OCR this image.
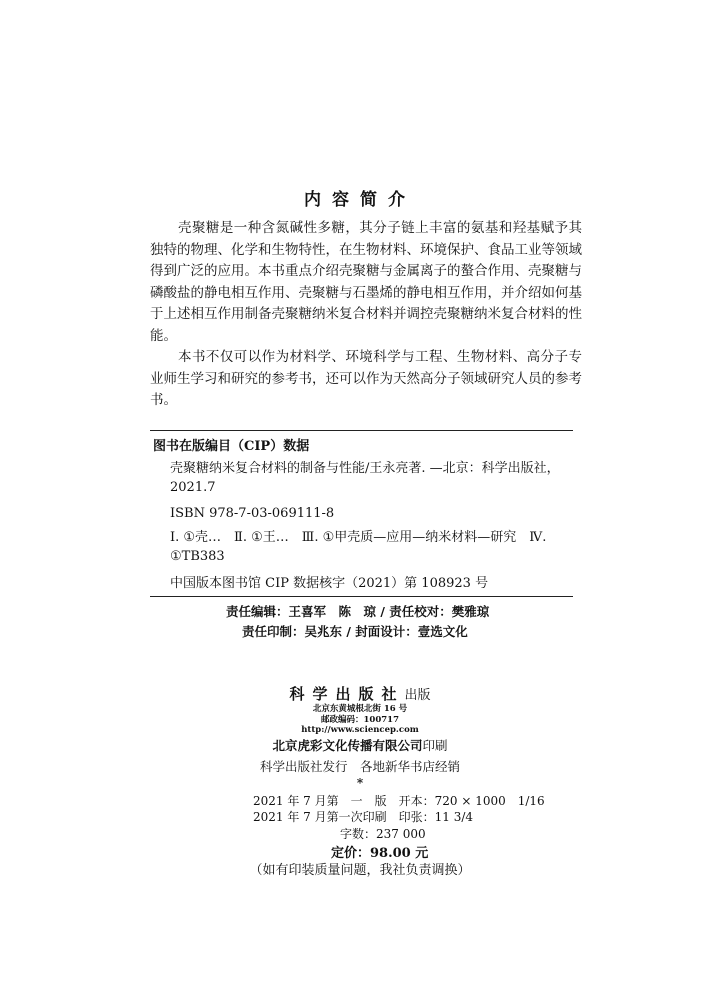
内容简介

壳聚糖是一种含氮碱性多糖，其分子链上丰富的氨基和羟基赋予其独特的物理、化学和生物特性，在生物材料、环境保护、食品工业等领域得到广泛的应用。本书重点介绍壳聚糖与金属离子的螯合作用、壳聚糖与磷酸盐的静电相互作用、壳聚糖与石墨烯的静电相互作用，并介绍如何基于上述相互作用制备壳聚糖纳米复合材料并调控壳聚糖纳米复合材料的性能。

本书不仅可以作为材料学、环境科学与工程、生物材料、高分子专业师生学习和研究的参考书，还可以作为天然高分子领域研究人员的参考书。

图书在版编目（CIP）数据
壳聚糖纳米复合材料的制备与性能/王永亮著. —北京：科学出版社，2021.7
ISBN 978-7-03-069111-8
Ⅰ. ①壳…　Ⅱ. ①王…　Ⅲ. ①甲壳质—应用—纳米材料—研究　Ⅳ. ①TB383
中国版本图书馆 CIP 数据核字（2021）第 108923 号
责任编辑：王喜军　陈　琼 / 责任校对：樊雅琼
责任印制：吴兆东 / 封面设计：壹选文化
科学出版社出版
北京东黄城根北街 16 号
邮政编码：100717
http://www.sciencep.com
北京虎彩文化传播有限公司印刷
科学出版社发行　各地新华书店经销
*
2021 年 7 月第　一　版　开本：720 × 1000　1/16
2021 年 7 月第一次印刷　印张：11 3/4
字数：237 000
定价：98.00 元
（如有印装质量问题，我社负责调换）
